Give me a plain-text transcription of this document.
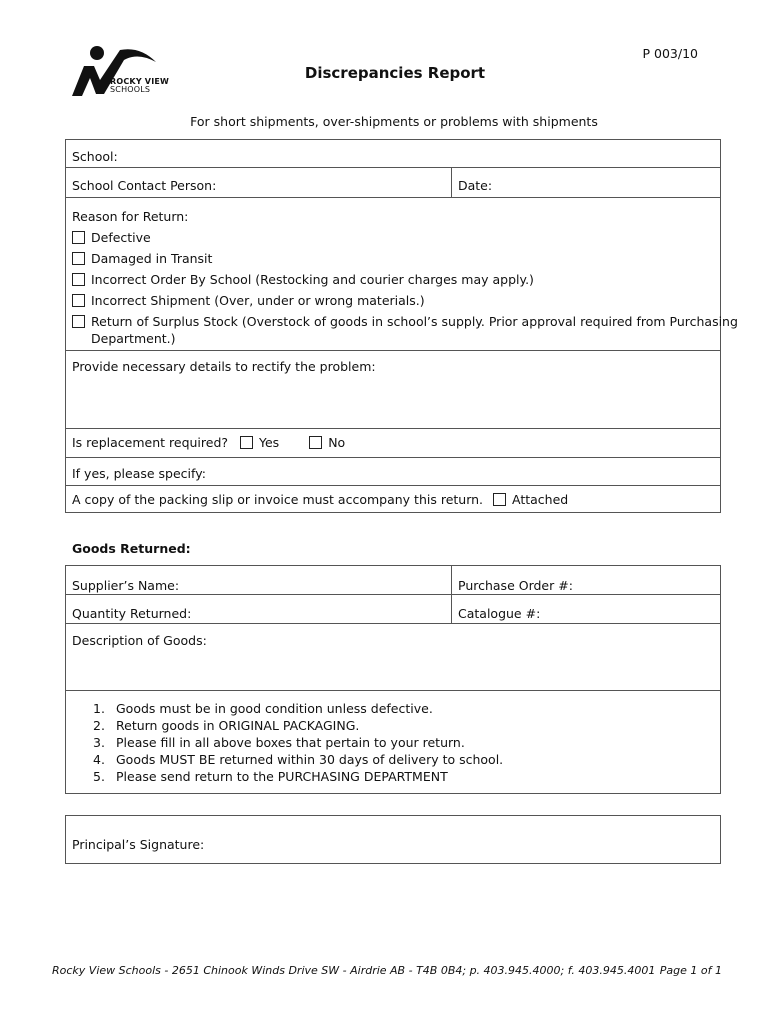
ROCKY VIEW
SCHOOLS
P 003/10
Discrepancies Report
For short shipments, over-shipments or problems with shipments
School:
School Contact Person:	Date:
Reason for Return:
Defective
Damaged in Transit
Incorrect Order By School (Restocking and courier charges may apply.)
Incorrect Shipment (Over, under or wrong materials.)
Return of Surplus Stock (Overstock of goods in school’s supply. Prior approval required from Purchasing
Department.)
Provide necessary details to rectify the problem:
Is replacement required? Yes	No
If yes, please specify:
A copy of the packing slip or invoice must accompany this return. Attached
Goods Returned:
Supplier’s Name:	Purchase Order #:
Quantity Returned:	Catalogue #:
Description of Goods:
1. Goods must be in good condition unless defective.
2. Return goods in ORIGINAL PACKAGING.
3. Please fill in all above boxes that pertain to your return.
4. Goods MUST BE returned within 30 days of delivery to school.
5. Please send return to the PURCHASING DEPARTMENT
Principal’s Signature:
Rocky View Schools - 2651 Chinook Winds Drive SW - Airdrie AB - T4B 0B4; p. 403.945.4000; f. 403.945.4001 Page 1 of 1
